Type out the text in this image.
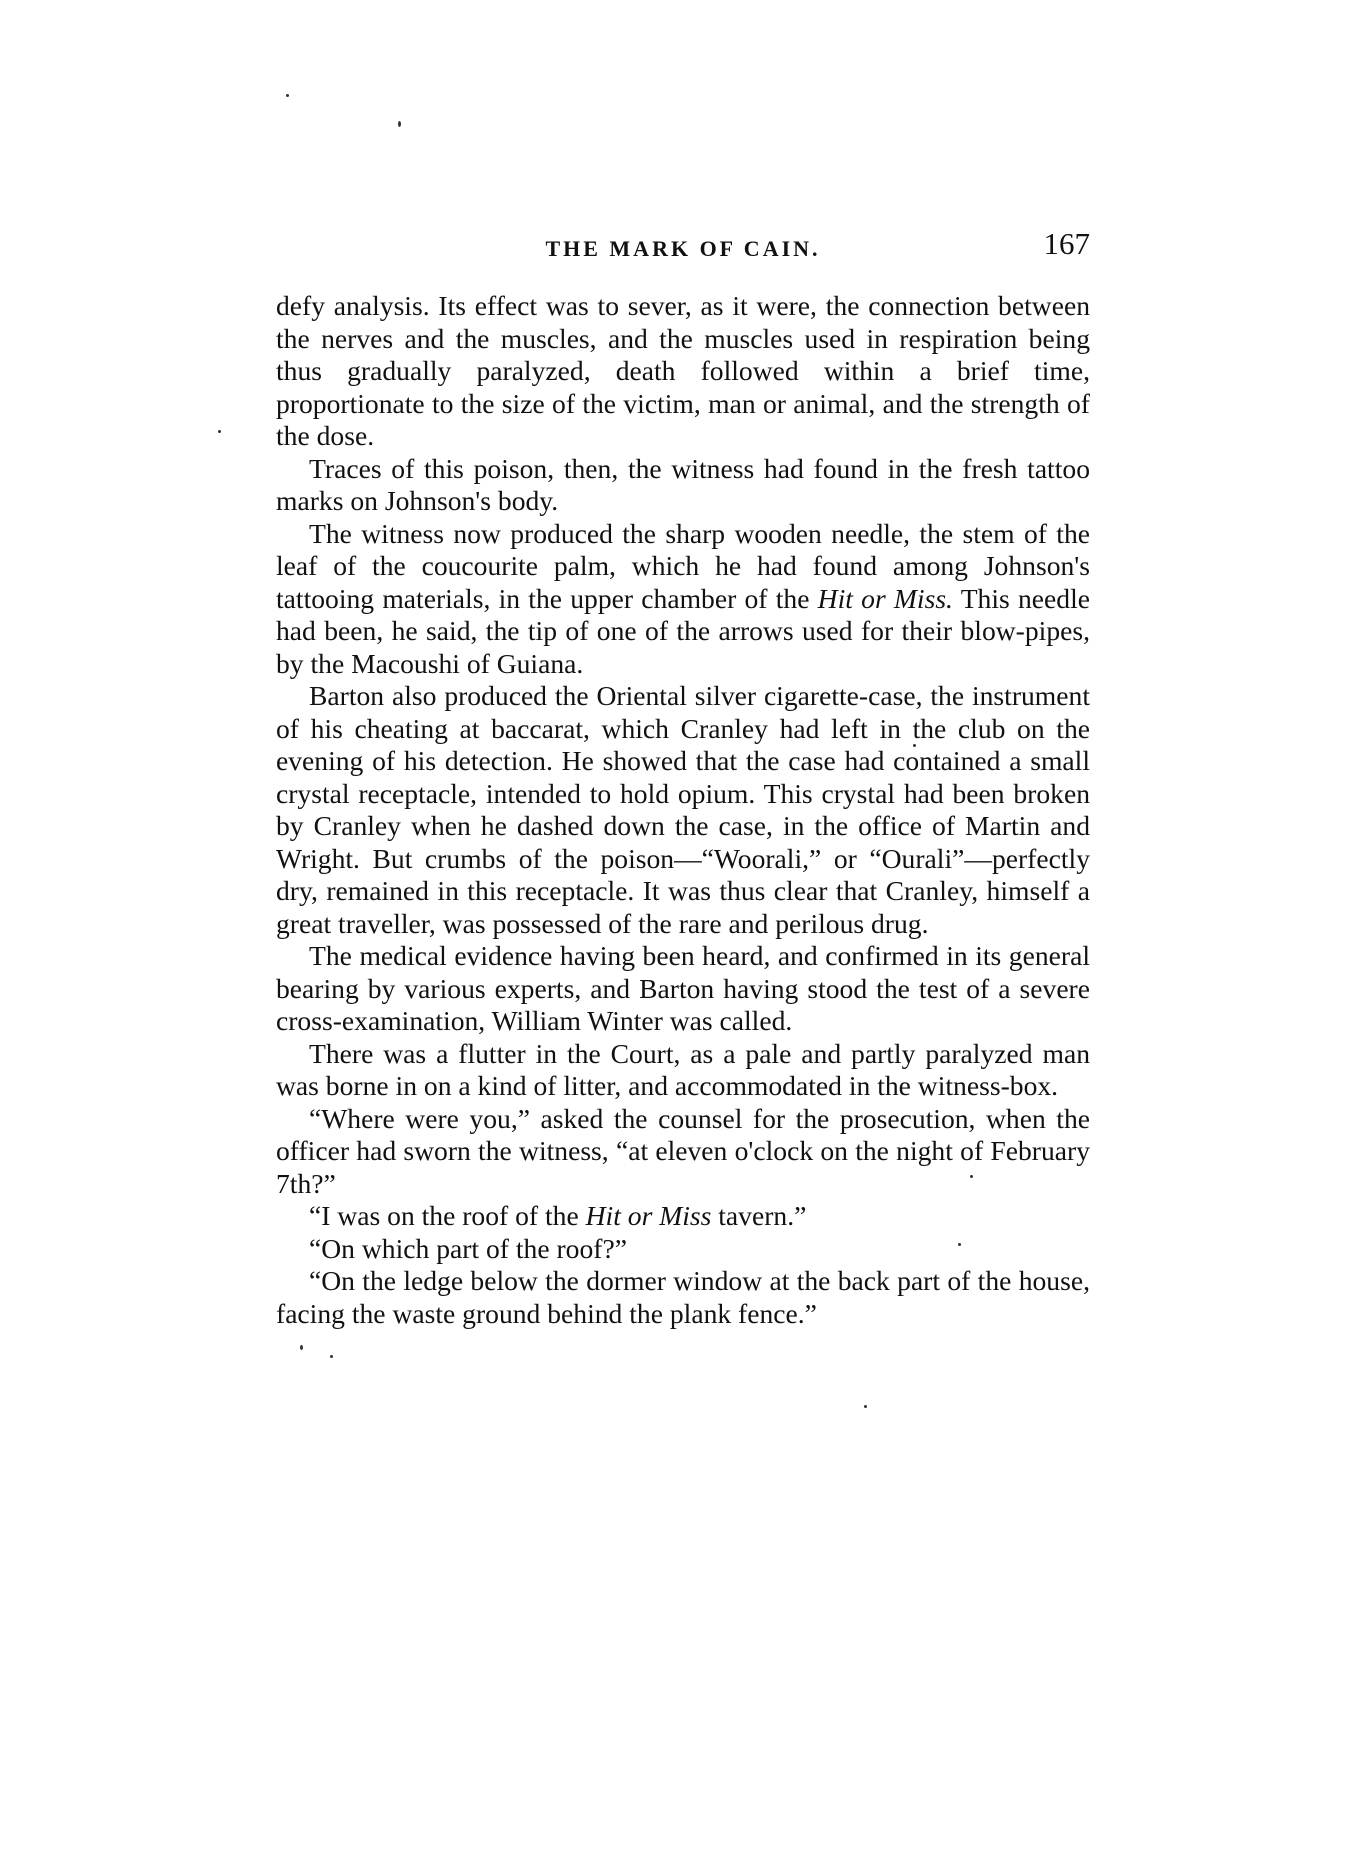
THE MARK OF CAIN.	167

defy analysis. Its effect was to sever, as it were, the connection between the nerves and the muscles, and the muscles used in respiration being thus gradually paralyzed, death followed within a brief time, proportionate to the size of the victim, man or animal, and the strength of the dose.

Traces of this poison, then, the witness had found in the fresh tattoo marks on Johnson's body.

The witness now produced the sharp wooden needle, the stem of the leaf of the coucourite palm, which he had found among Johnson's tattooing materials, in the upper chamber of the Hit or Miss. This needle had been, he said, the tip of one of the arrows used for their blow-pipes, by the Macoushi of Guiana.

Barton also produced the Oriental silver cigarette-case, the instrument of his cheating at baccarat, which Cranley had left in the club on the evening of his detection. He showed that the case had contained a small crystal receptacle, intended to hold opium. This crystal had been broken by Cranley when he dashed down the case, in the office of Martin and Wright. But crumbs of the poison—“Woorali,” or “Ourali”—perfectly dry, remained in this receptacle. It was thus clear that Cranley, himself a great traveller, was possessed of the rare and perilous drug.

The medical evidence having been heard, and confirmed in its general bearing by various experts, and Barton having stood the test of a severe cross-examination, William Winter was called.

There was a flutter in the Court, as a pale and partly paralyzed man was borne in on a kind of litter, and accommodated in the witness-box.

“Where were you,” asked the counsel for the prosecution, when the officer had sworn the witness, “at eleven o'clock on the night of February 7th?”

“I was on the roof of the Hit or Miss tavern.”

“On which part of the roof?”

“On the ledge below the dormer window at the back part of the house, facing the waste ground behind the plank fence.”
